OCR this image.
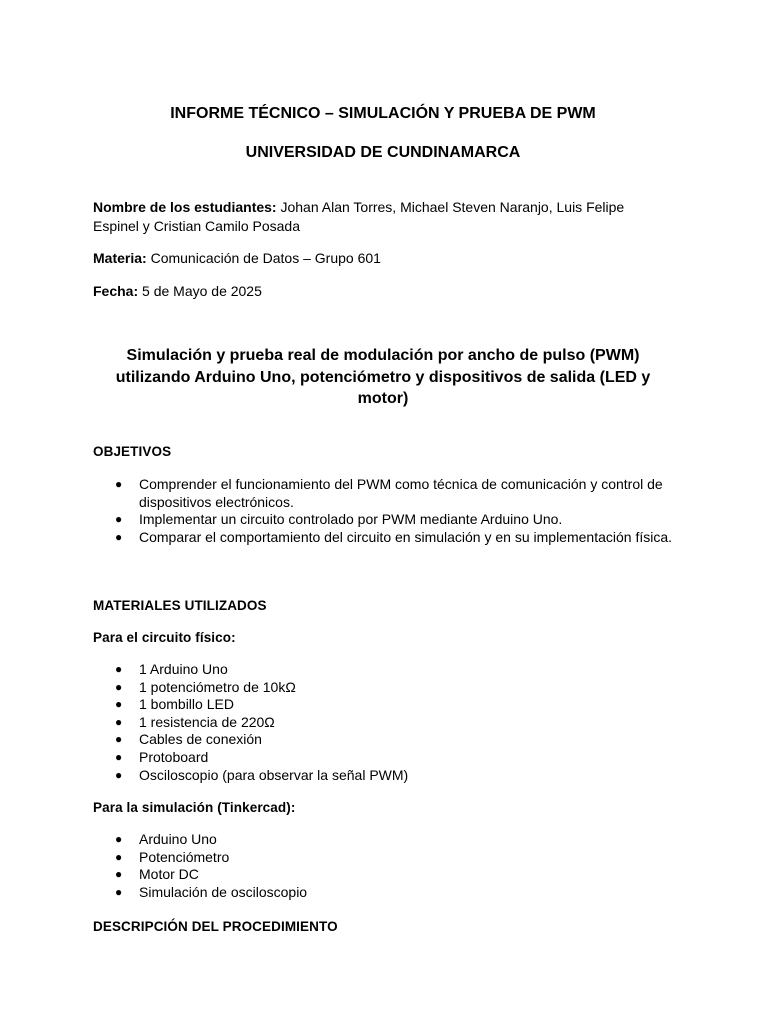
INFORME TÉCNICO – SIMULACIÓN Y PRUEBA DE PWM
UNIVERSIDAD DE CUNDINAMARCA
Nombre de los estudiantes: Johan Alan Torres, Michael Steven Naranjo, Luis Felipe Espinel y Cristian Camilo Posada
Materia: Comunicación de Datos – Grupo 601
Fecha: 5 de Mayo de 2025
Simulación y prueba real de modulación por ancho de pulso (PWM) utilizando Arduino Uno, potenciómetro y dispositivos de salida (LED y motor)
OBJETIVOS
● Comprender el funcionamiento del PWM como técnica de comunicación y control de dispositivos electrónicos.
● Implementar un circuito controlado por PWM mediante Arduino Uno.
● Comparar el comportamiento del circuito en simulación y en su implementación física.
MATERIALES UTILIZADOS
Para el circuito físico:
● 1 Arduino Uno
● 1 potenciómetro de 10kΩ
● 1 bombillo LED
● 1 resistencia de 220Ω
● Cables de conexión
● Protoboard
● Osciloscopio (para observar la señal PWM)
Para la simulación (Tinkercad):
● Arduino Uno
● Potenciómetro
● Motor DC
● Simulación de osciloscopio
DESCRIPCIÓN DEL PROCEDIMIENTO
